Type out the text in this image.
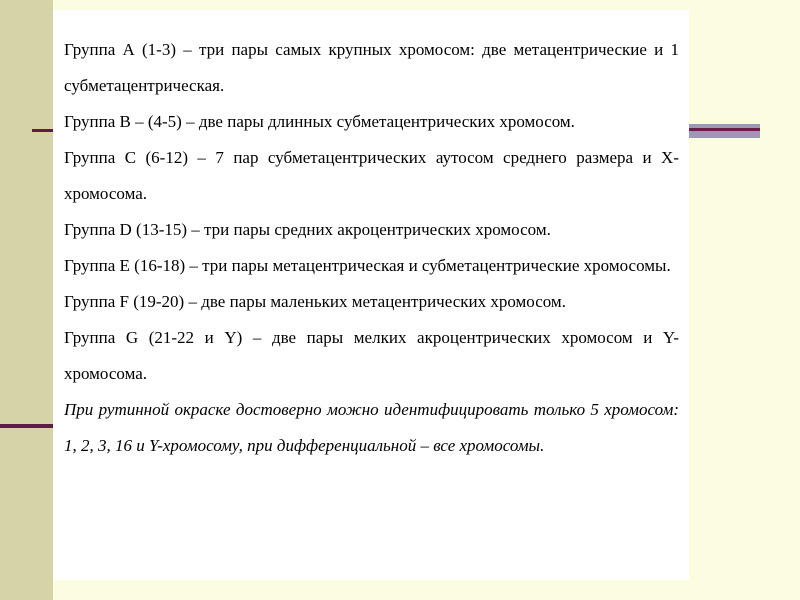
Группа А (1-3) – три пары самых крупных хромосом: две метацентрические и 1 субметацентрическая.

Группа В – (4-5) – две пары длинных субметацентрических хромосом.

Группа С (6-12) – 7 пар субметацентрических аутосом среднего размера и Х-хромосома.

Группа D (13-15) – три пары средних акроцентрических хромосом.

Группа Е (16-18) – три пары метацентрическая и субметацентрические хромосомы.

Группа F (19-20) – две пары маленьких метацентрических хромосом.

Группа G (21-22 и Y) – две пары мелких акроцентрических хромосом и Y-хромосома.

При рутинной окраске достоверно можно идентифицировать только 5 хромосом: 1, 2, 3, 16 и Y-хромосому, при дифференциальной – все хромосомы.
